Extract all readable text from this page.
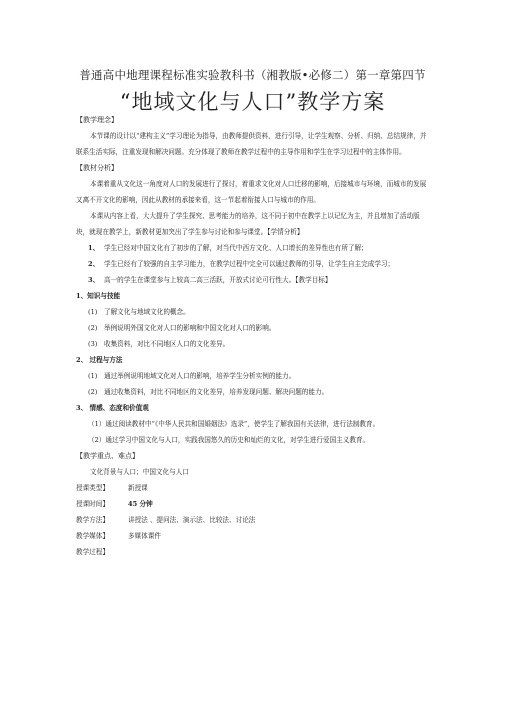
普通高中地理课程标准实验教科书（湘教版•必修二）第一章第四节
“地域文化与人口”教学方案
【教学理念】

本节课的设计以“建构主义”学习理论为指导，由教师提供资料，进行引导，让学生观察、分析、归纳、总结规律，并联系生活实际，注重发现和解决问题。充分体现了教师在教学过程中的主导作用和学生在学习过程中的主体作用。

【教材分析】

本课着重从文化这一角度对人口的发展进行了探讨，着重求文化对人口迁移的影响，后接城市与环境，而城市的发展又离不开文化的影响，因此从教材的承接来看，这一节起着衔接人口与城市的作用。

本课从内容上看，大大提升了学生探究、思考能力的培养，这不同于初中在教学上以记忆为主，并且增加了活动版块，就现在教学上，新教材更加突出了学生参与讨论和参与课堂。【学情分析】

1、 学生已经对中国文化有了初步的了解，对当代中西方文化、人口增长的差异性也有所了解；

2、 学生已经有了较强的自主学习能力，在教学过程中完全可以通过教师的引导，让学生自主完成学习；

3、 高一的学生在课堂参与上较高二高三活跃，开放式讨论可行性大。【教学目标】

1、知识与技能

(1) 了解文化与地域文化的概念。

(2) 举例说明外国文化对人口的影响和中国文化对人口的影响。

(3) 收集资料，对比不同地区人口的文化差异。

2、 过程与方法

(1) 通过举例说明地域文化对人口的影响，培养学生分析实例的能力。

(2) 通过收集资料，对比不同地区的文化差异，培养发现问题、解决问题的能力。

3、 情感、态度和价值观

（1）通过阅读教材中“《中华人民共和国婚姻法》选录”，使学生了解我国有关法律，进行法制教育。

（2）通过学习中国文化与人口，实践我国悠久的历史和灿烂的文化，对学生进行爱国主义教育。

【教学重点、难点】

文化背景与人口；中国文化与人口

授课类型】	新授课

授课时间】	45 分钟

教学方法】	讲授法 、提问法、演示法、比较法、讨论法

教学媒体】	多媒体课件

教学过程】
